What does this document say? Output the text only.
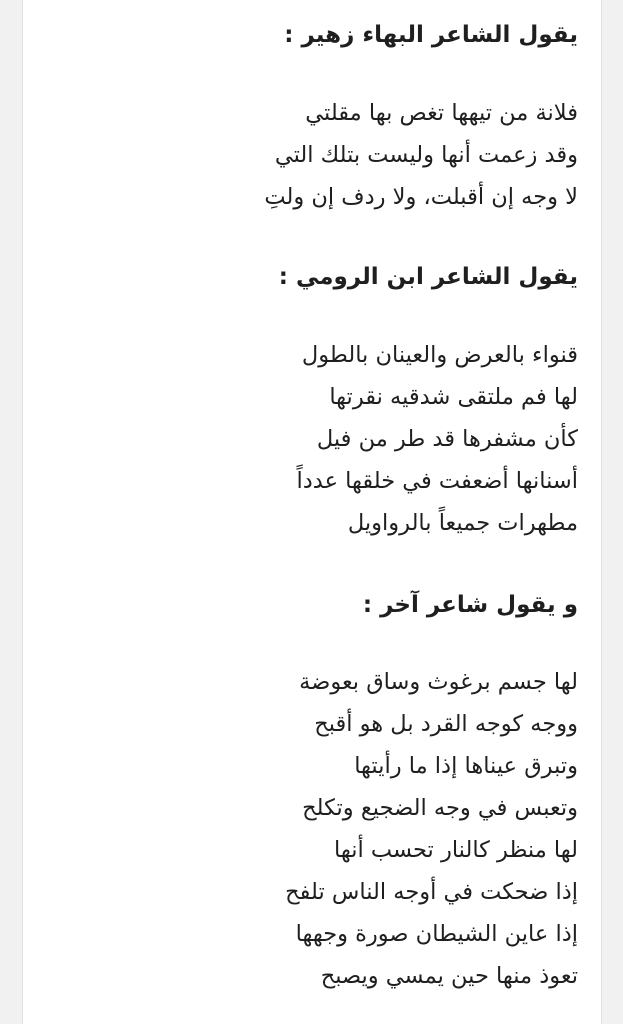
يقول الشاعر البهاء زهير :

فلانة من تيهها تغص بها مقلتي

وقد زعمت أنها وليست بتلك التي

لا وجه إن أقبلت، ولا ردف إن ولتِ

يقول الشاعر ابن الرومي :

قنواء بالعرض والعينان بالطول

لها فم ملتقى شدقيه نقرتها

كأن مشفرها قد طر من فيل

أسنانها أضعفت في خلقها عدداً

مطهرات جميعاً بالرواويل

و يقول شاعر آخر :

لها جسم برغوث وساق بعوضة

ووجه كوجه القرد بل هو أقبح

وتبرق عيناها إذا ما رأيتها

وتعبس في وجه الضجيع وتكلح

لها منظر كالنار تحسب أنها

إذا ضحكت في أوجه الناس تلفح

إذا عاين الشيطان صورة وجهها

تعوذ منها حين يمسي ويصبح
